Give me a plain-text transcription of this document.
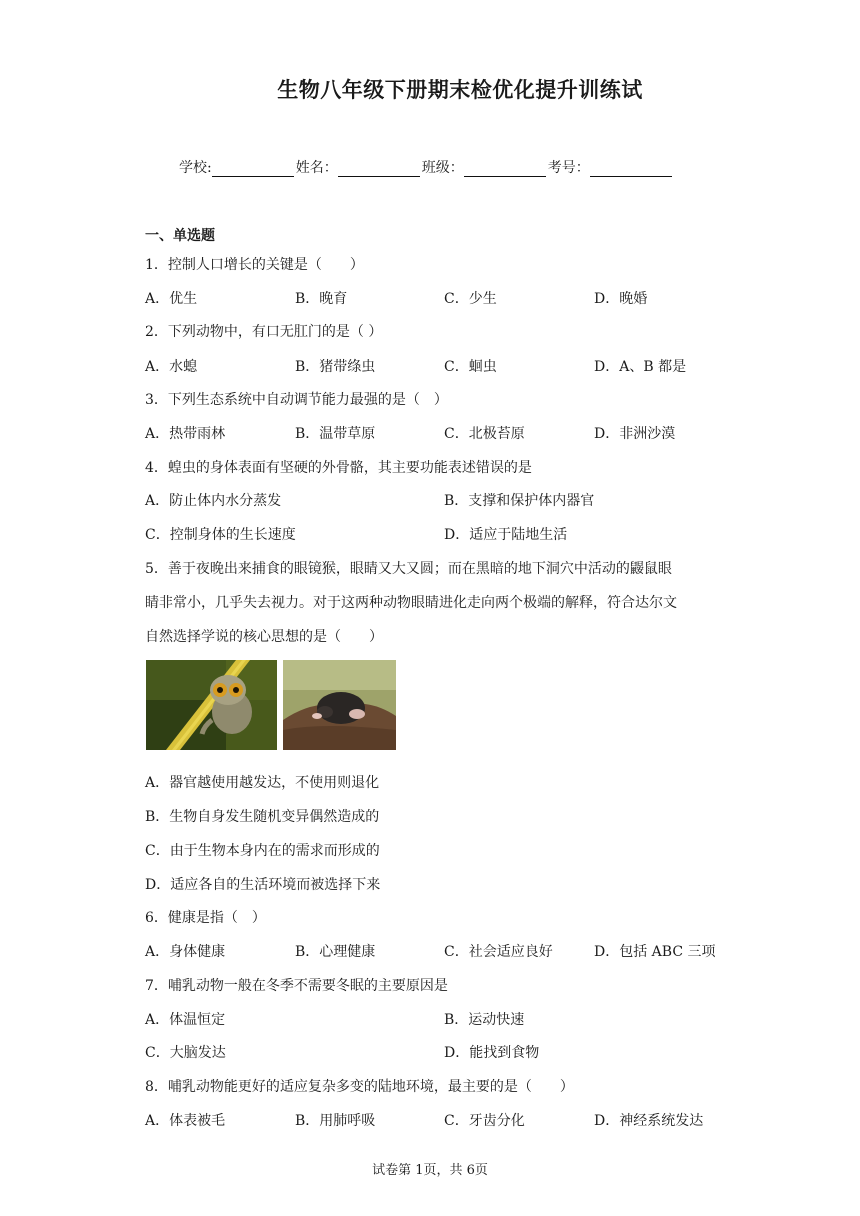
生物八年级下册期末检优化提升训练试
学校:	姓名：	班级：	考号：
一、单选题
1．控制人口增长的关键是（　　）
A．优生	B．晚育	C．少生	D．晚婚
2．下列动物中，有口无肛门的是（ ）
A．水螅	B．猪带绦虫	C．蛔虫	D．A、B 都是
3．下列生态系统中自动调节能力最强的是（　）
A．热带雨林	B．温带草原	C．北极苔原	D．非洲沙漠
4．蝗虫的身体表面有坚硬的外骨骼，其主要功能表述错误的是
A．防止体内水分蒸发	B．支撑和保护体内器官
C．控制身体的生长速度	D．适应于陆地生活
5．善于夜晚出来捕食的眼镜猴，眼睛又大又圆；而在黑暗的地下洞穴中活动的鼹鼠眼
睛非常小，几乎失去视力。对于这两种动物眼睛进化走向两个极端的解释，符合达尔文
自然选择学说的核心思想的是（　　）
A．器官越使用越发达，不使用则退化
B．生物自身发生随机变异偶然造成的
C．由于生物本身内在的需求而形成的
D．适应各自的生活环境而被选择下来
6．健康是指（　）
A．身体健康	B．心理健康	C．社会适应良好	D．包括 ABC 三项
7．哺乳动物一般在冬季不需要冬眠的主要原因是
A．体温恒定	B．运动快速
C．大脑发达	D．能找到食物
8．哺乳动物能更好的适应复杂多变的陆地环境，最主要的是（　　）
A．体表被毛	B．用肺呼吸	C．牙齿分化	D．神经系统发达
试卷第 1页，共 6页
